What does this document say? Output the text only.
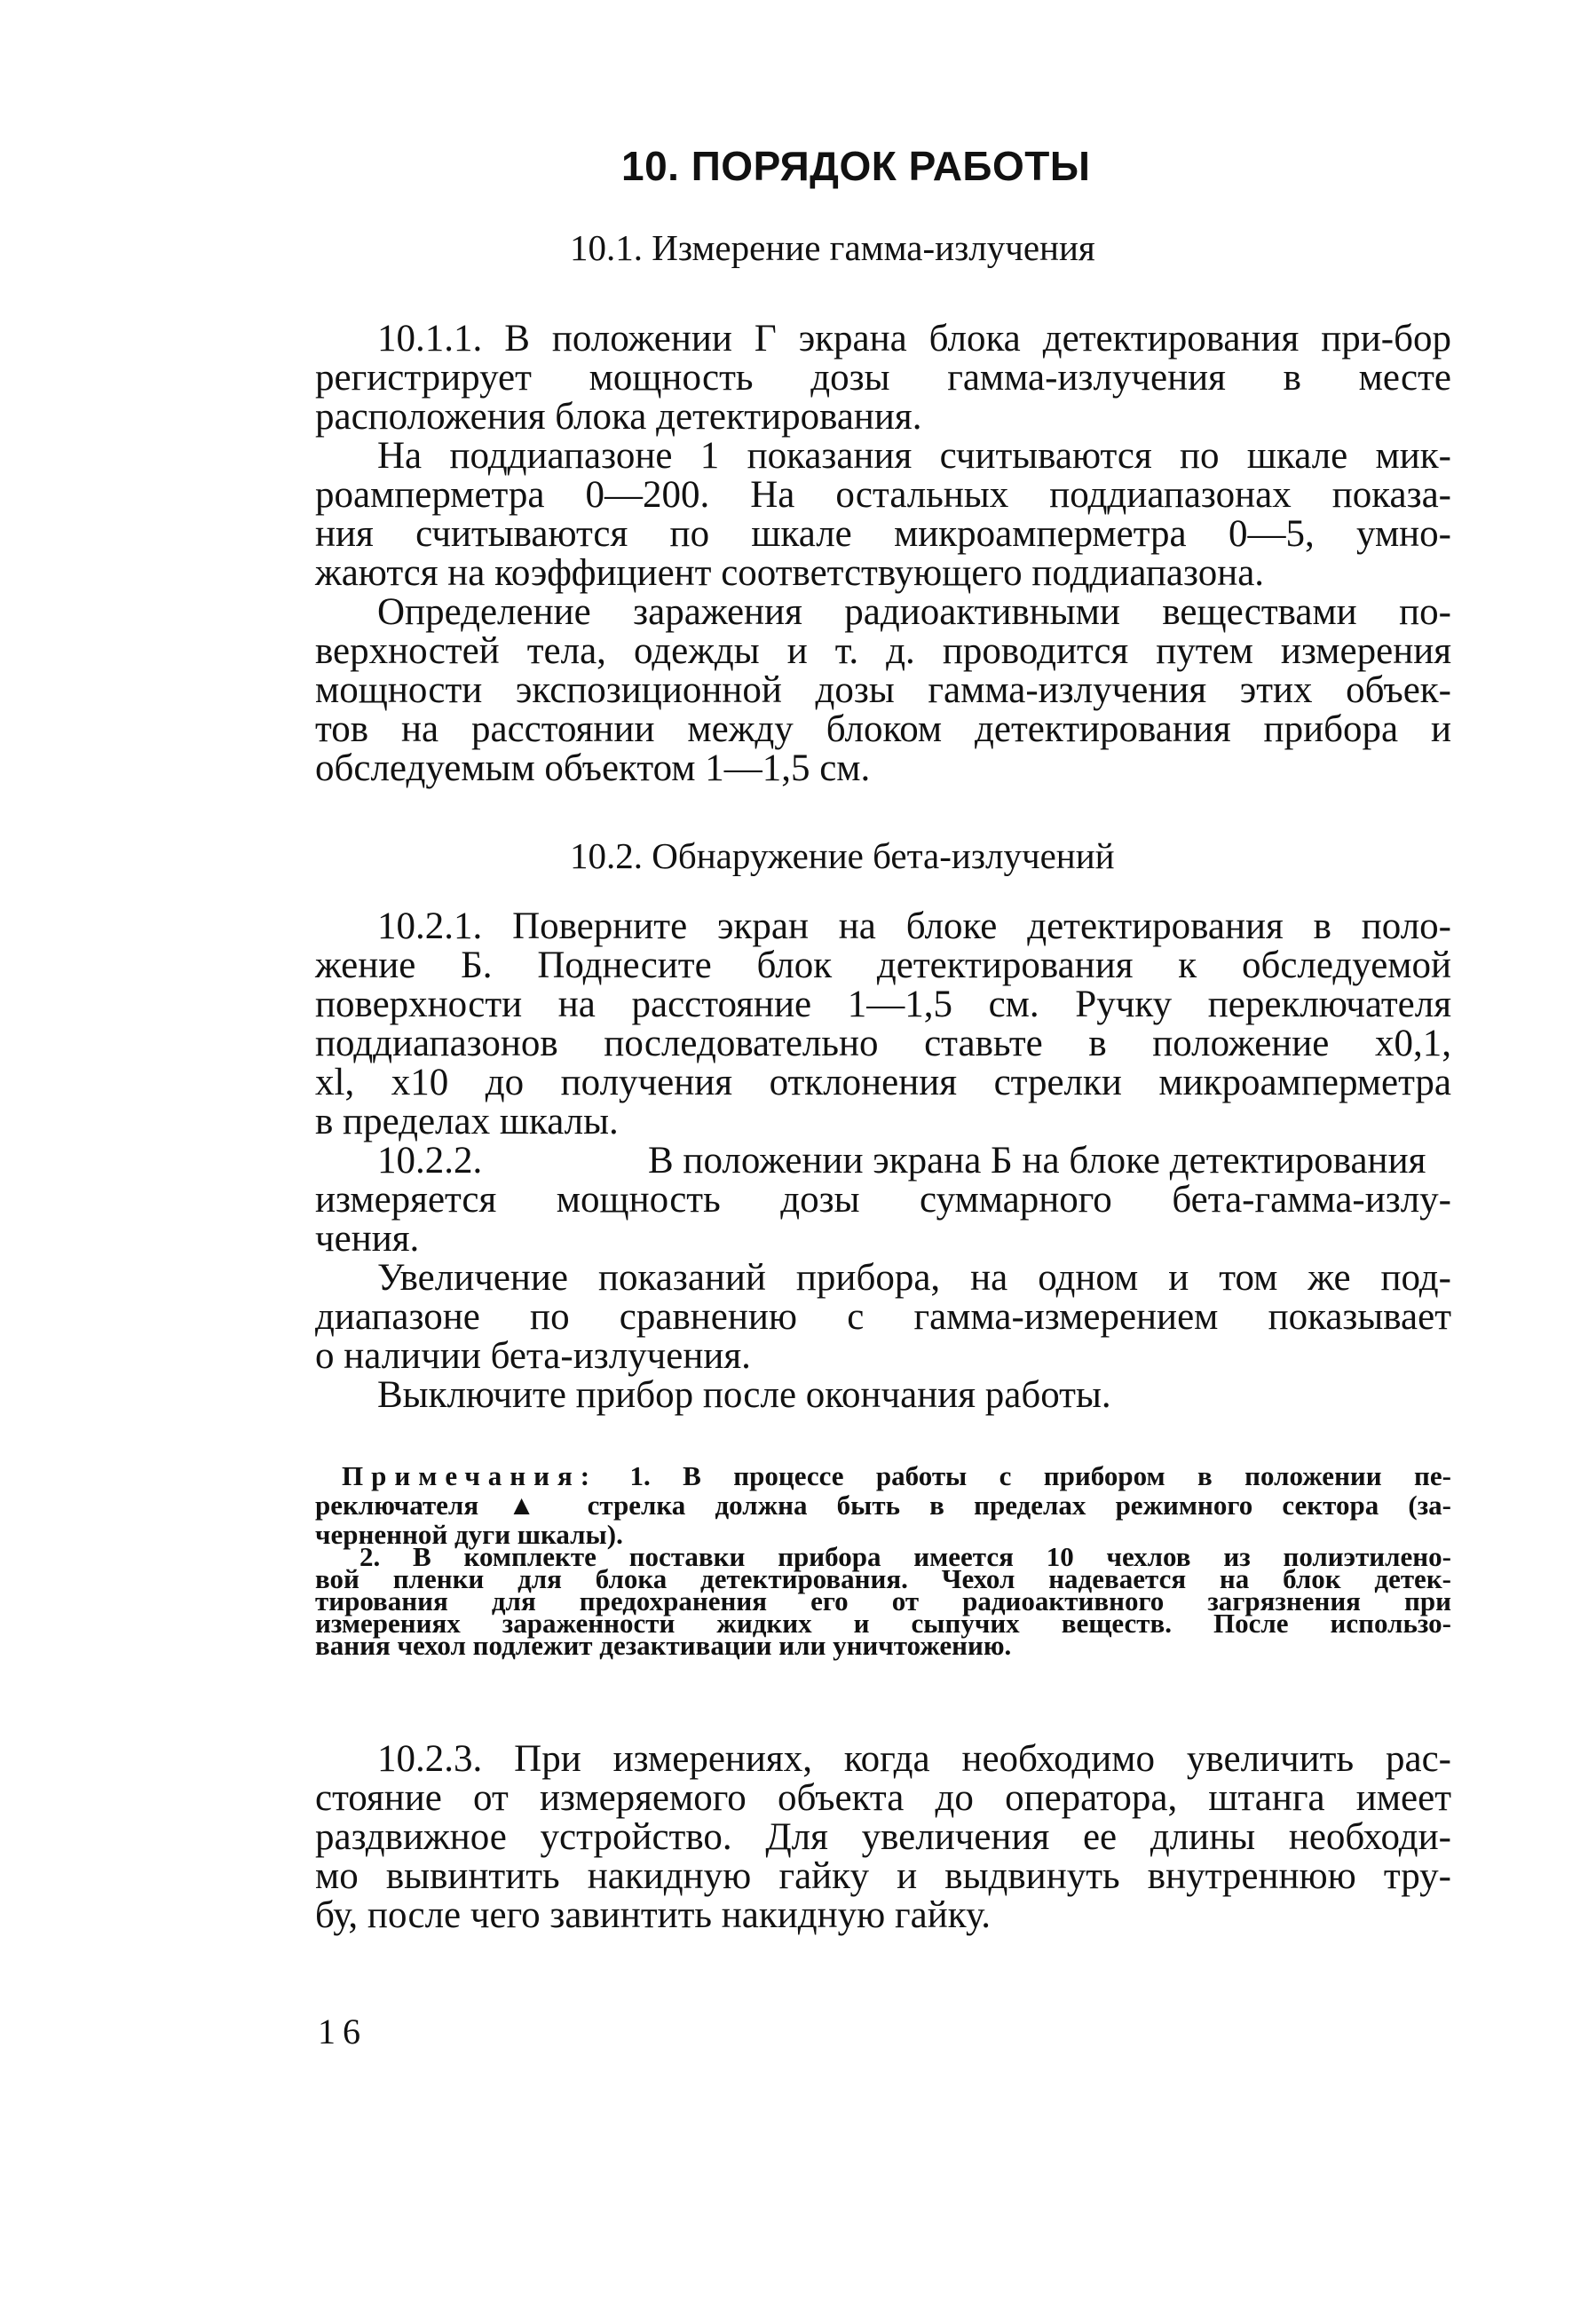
10. ПОРЯДОК РАБОТЫ
10.1. Измерение гамма-излучения
10.1.1. В положении Г экрана блока детектирования при-бор
регистрирует мощность дозы гамма-излучения в месте
расположения блока детектирования.
На поддиапазоне 1 показания считываются по шкале мик-
роамперметра 0—200. На остальных поддиапазонах показа-
ния считываются по шкале микроамперметра 0—5, умно-
жаются на коэффициент соответствующего поддиапазона.
Определение заражения радиоактивными веществами по-
верхностей тела, одежды и т. д. проводится путем измерения
мощности экспозиционной дозы гамма-излучения этих объек-
тов на расстоянии между блоком детектирования прибора и
обследуемым объектом 1—1,5 см.
10.2. Обнаружение бета-излучений
10.2.1. Поверните экран на блоке детектирования в поло-
жение Б. Поднесите блок детектирования к обследуемой
поверхности на расстояние 1—1,5 см. Ручку переключателя
поддиапазонов последовательно ставьте в положение х0,1,
xl, х10 до получения отклонения стрелки микроамперметра
в пределах шкалы.
10.2.2.	В положении экрана Б на блоке детектирования
измеряется мощность дозы суммарного бета-гамма-излу-
чения.
Увеличение показаний прибора, на одном и том же под-
диапазоне по сравнению с гамма-измерением показывает
о наличии бета-излучения.
Выключите прибор после окончания работы.
Примечания: 1. В процессе работы с прибором в положении пе-
реключателя ▲ стрелка должна быть в пределах режимного сектора (за-
черненной дуги шкалы).
2. В комплекте поставки прибора имеется 10 чехлов из полиэтилено-
вой пленки для блока детектирования. Чехол надевается на блок детек-
тирования для предохранения его от радиоактивного загрязнения при
измерениях зараженности жидких и сыпучих веществ. После использо-
вания чехол подлежит дезактивации или уничтожению.
10.2.3. При измерениях, когда необходимо увеличить рас-
стояние от измеряемого объекта до оператора, штанга имеет
раздвижное устройство. Для увеличения ее длины необходи-
мо вывинтить накидную гайку и выдвинуть внутреннюю тру-
бу, после чего завинтить накидную гайку.
16
